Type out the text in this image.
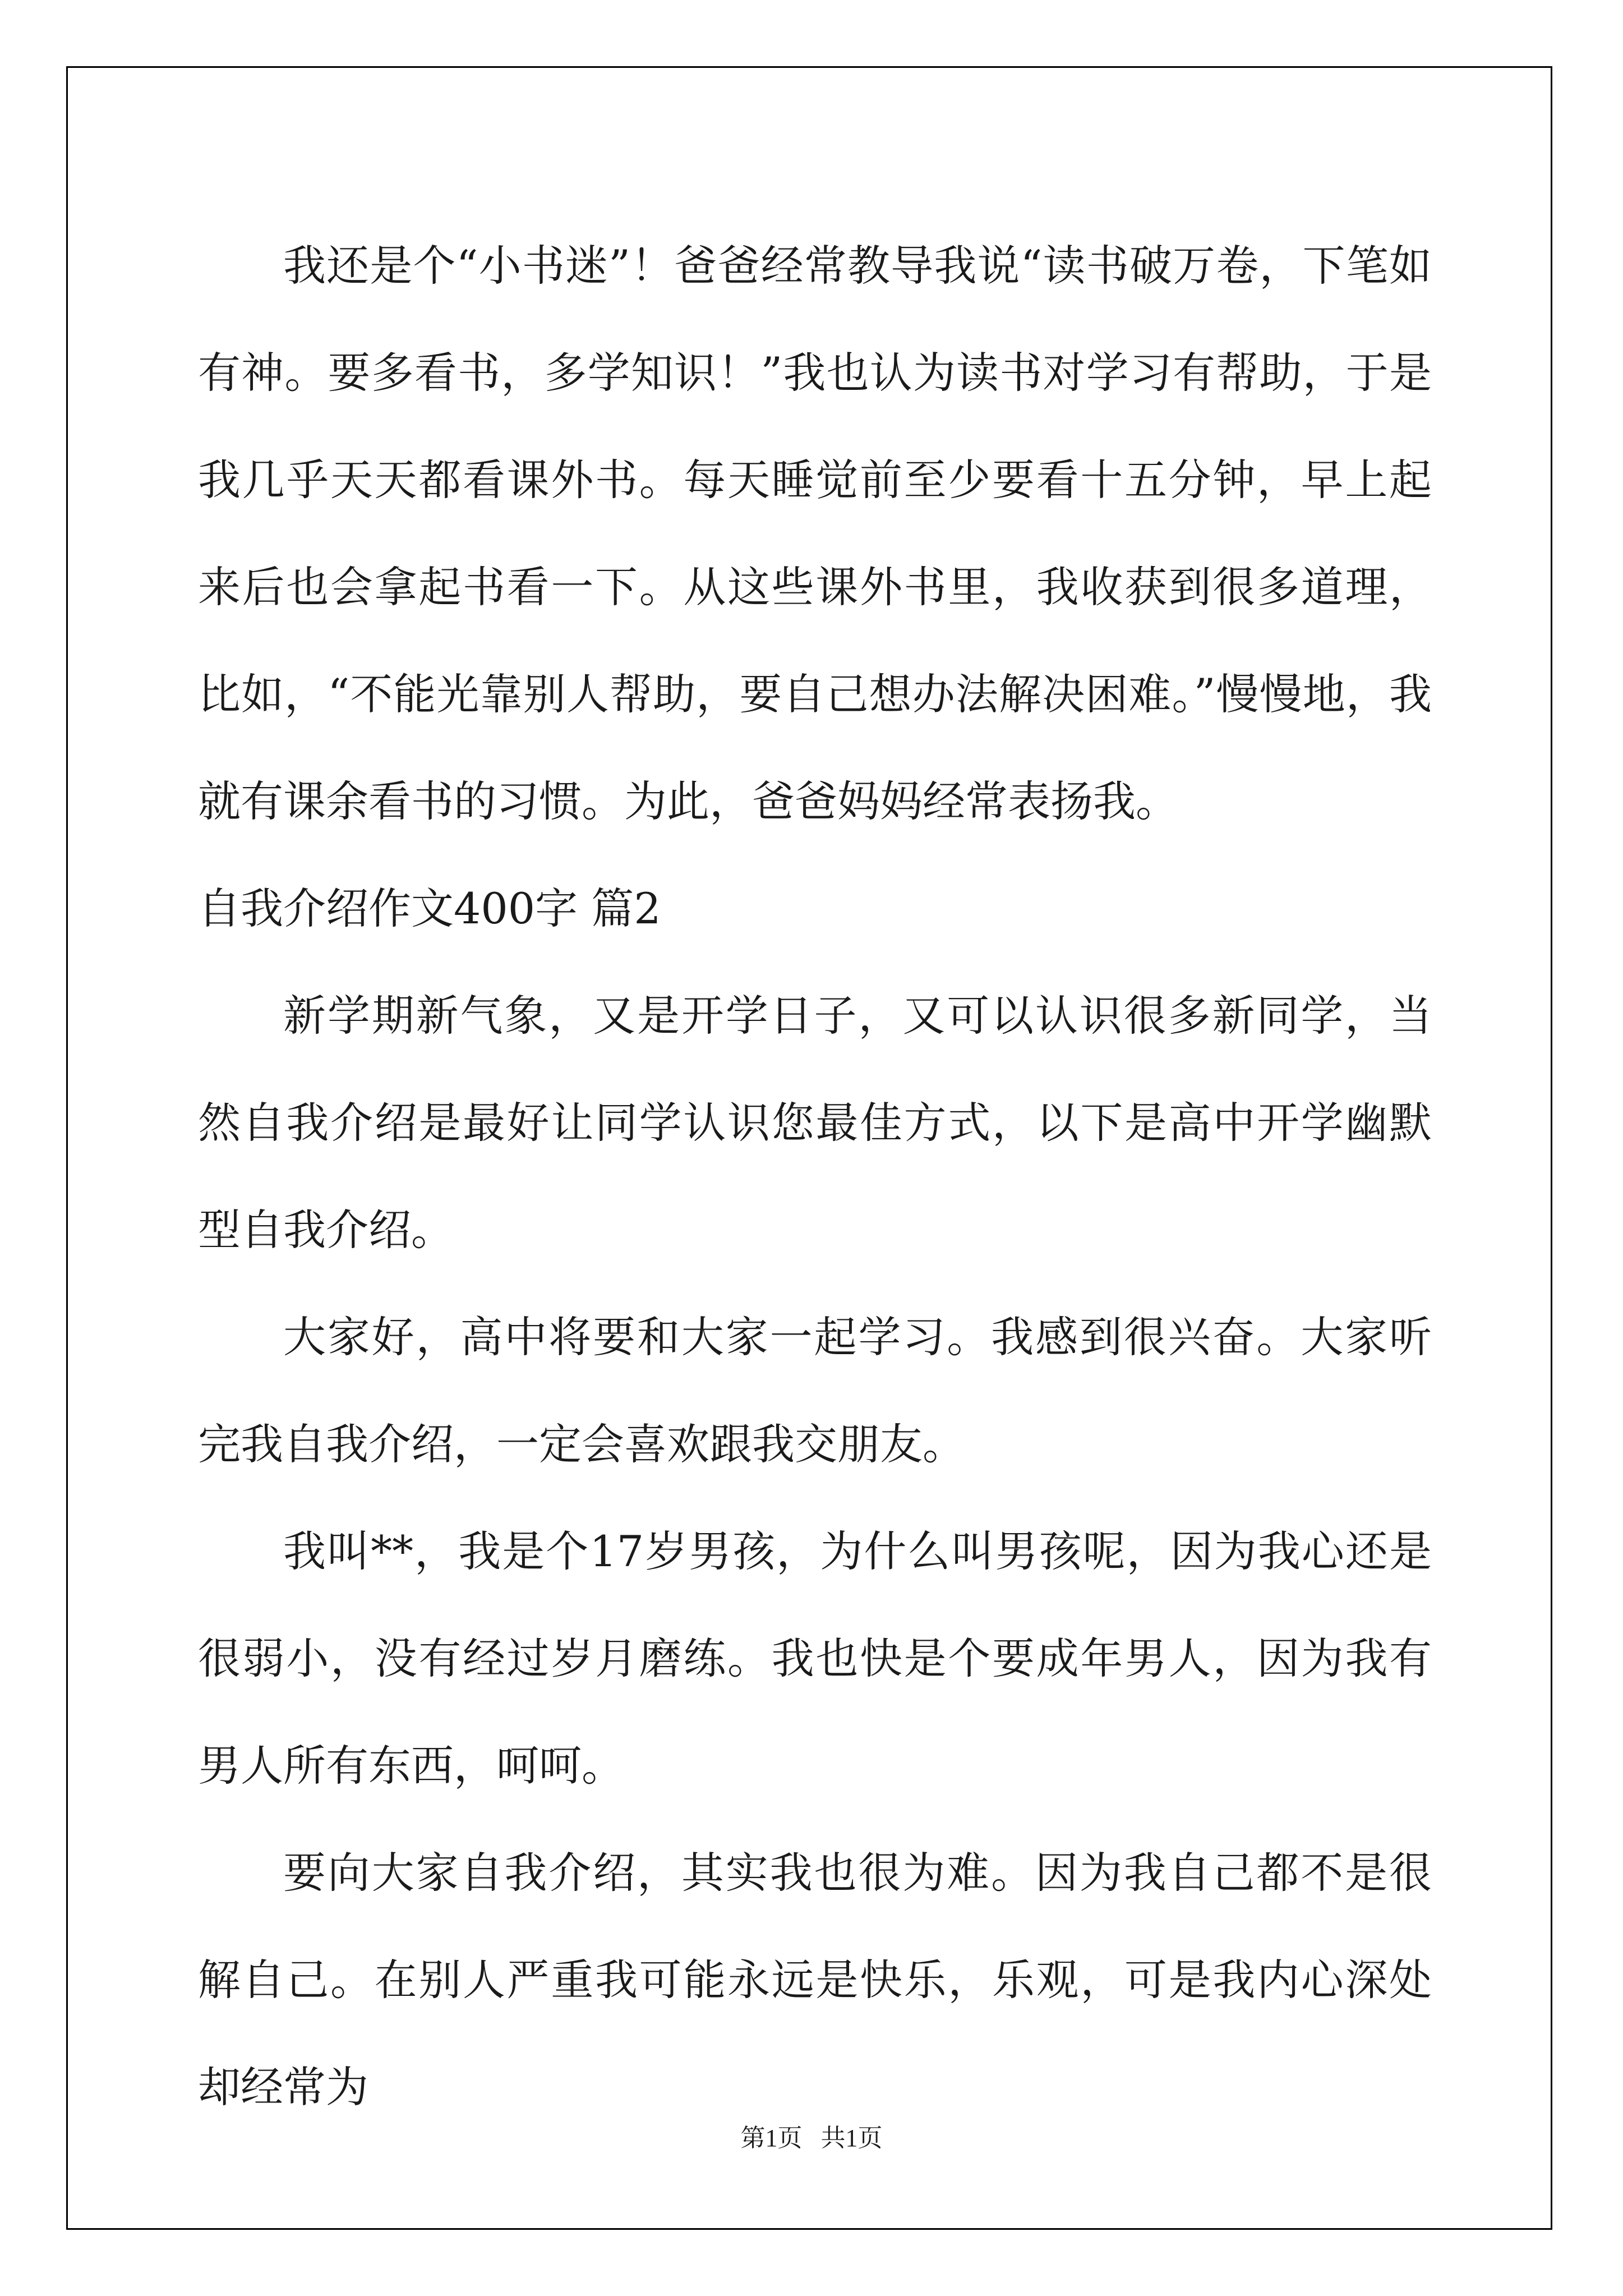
我还是个“小书迷”！爸爸经常教导我说“读书破万卷，下笔如有神。要多看书，多学知识！”我也认为读书对学习有帮助，于是我几乎天天都看课外书。每天睡觉前至少要看十五分钟，早上起来后也会拿起书看一下。从这些课外书里，我收获到很多道理，比如，“不能光靠别人帮助，要自己想办法解决困难。”慢慢地，我就有课余看书的习惯。为此，爸爸妈妈经常表扬我。

自我介绍作文400字 篇2

新学期新气象，又是开学日子，又可以认识很多新同学，当然自我介绍是最好让同学认识您最佳方式，以下是高中开学幽默型自我介绍。

大家好，高中将要和大家一起学习。我感到很兴奋。大家听完我自我介绍，一定会喜欢跟我交朋友。

我叫**，我是个17岁男孩，为什么叫男孩呢，因为我心还是很弱小，没有经过岁月磨练。我也快是个要成年男人，因为我有男人所有东西，呵呵。

要向大家自我介绍，其实我也很为难。因为我自己都不是很解自己。在别人严重我可能永远是快乐，乐观，可是我内心深处却经常为

第1页   共1页
